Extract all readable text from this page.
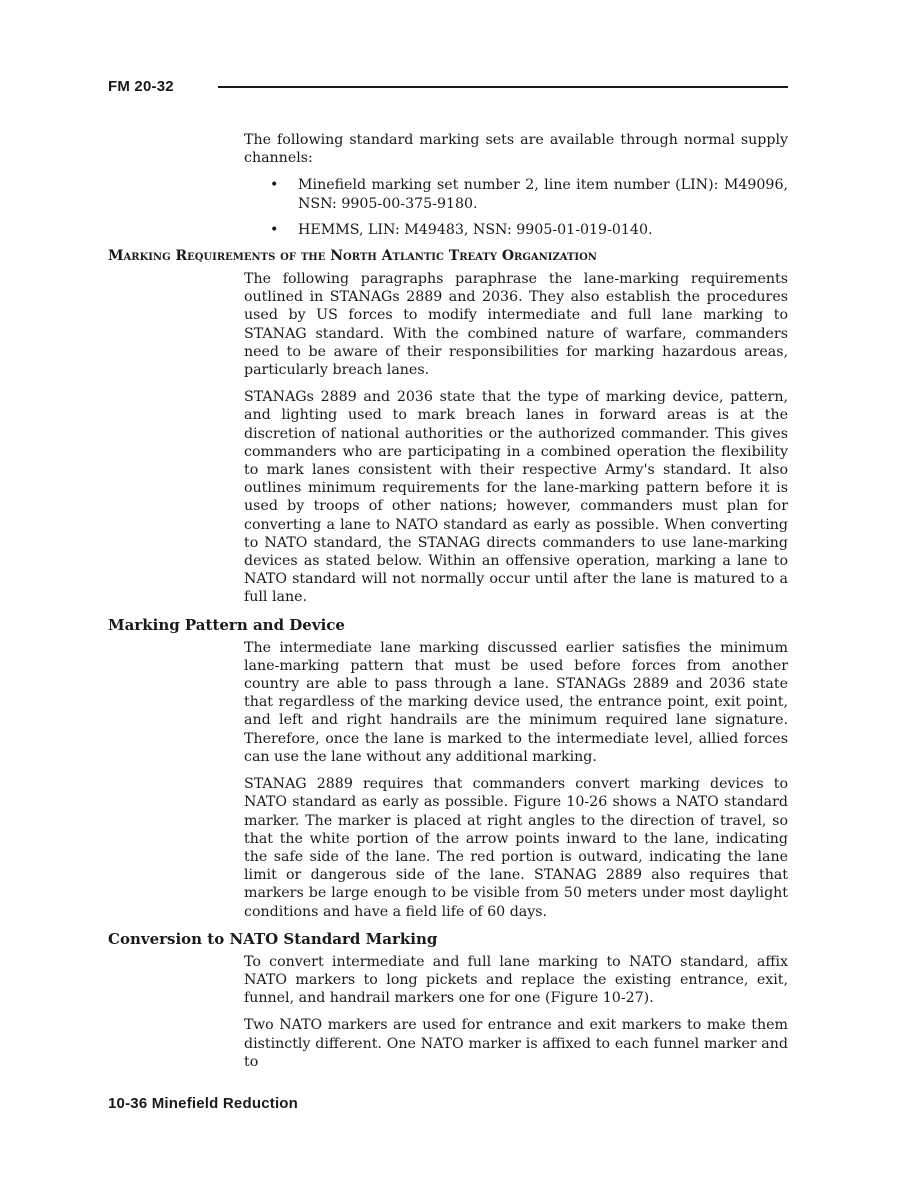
FM 20-32

The following standard marking sets are available through normal supply channels:

• Minefield marking set number 2, line item number (LIN): M49096, NSN: 9905-00-375-9180.
• HEMMS, LIN: M49483, NSN: 9905-01-019-0140.
Marking Requirements of the North Atlantic Treaty Organization

The following paragraphs paraphrase the lane-marking requirements outlined in STANAGs 2889 and 2036. They also establish the procedures used by US forces to modify intermediate and full lane marking to STANAG standard. With the combined nature of warfare, commanders need to be aware of their responsibilities for marking hazardous areas, particularly breach lanes.

STANAGs 2889 and 2036 state that the type of marking device, pattern, and lighting used to mark breach lanes in forward areas is at the discretion of national authorities or the authorized commander. This gives commanders who are participating in a combined operation the flexibility to mark lanes consistent with their respective Army's standard. It also outlines minimum requirements for the lane-marking pattern before it is used by troops of other nations; however, commanders must plan for converting a lane to NATO standard as early as possible. When converting to NATO standard, the STANAG directs commanders to use lane-marking devices as stated below. Within an offensive operation, marking a lane to NATO standard will not normally occur until after the lane is matured to a full lane.

Marking Pattern and Device

The intermediate lane marking discussed earlier satisfies the minimum lane-marking pattern that must be used before forces from another country are able to pass through a lane. STANAGs 2889 and 2036 state that regardless of the marking device used, the entrance point, exit point, and left and right handrails are the minimum required lane signature. Therefore, once the lane is marked to the intermediate level, allied forces can use the lane without any additional marking.

STANAG 2889 requires that commanders convert marking devices to NATO standard as early as possible. Figure 10-26 shows a NATO standard marker. The marker is placed at right angles to the direction of travel, so that the white portion of the arrow points inward to the lane, indicating the safe side of the lane. The red portion is outward, indicating the lane limit or dangerous side of the lane. STANAG 2889 also requires that markers be large enough to be visible from 50 meters under most daylight conditions and have a field life of 60 days.

Conversion to NATO Standard Marking

To convert intermediate and full lane marking to NATO standard, affix NATO markers to long pickets and replace the existing entrance, exit, funnel, and handrail markers one for one (Figure 10-27).

Two NATO markers are used for entrance and exit markers to make them distinctly different. One NATO marker is affixed to each funnel marker and to

10-36 Minefield Reduction
